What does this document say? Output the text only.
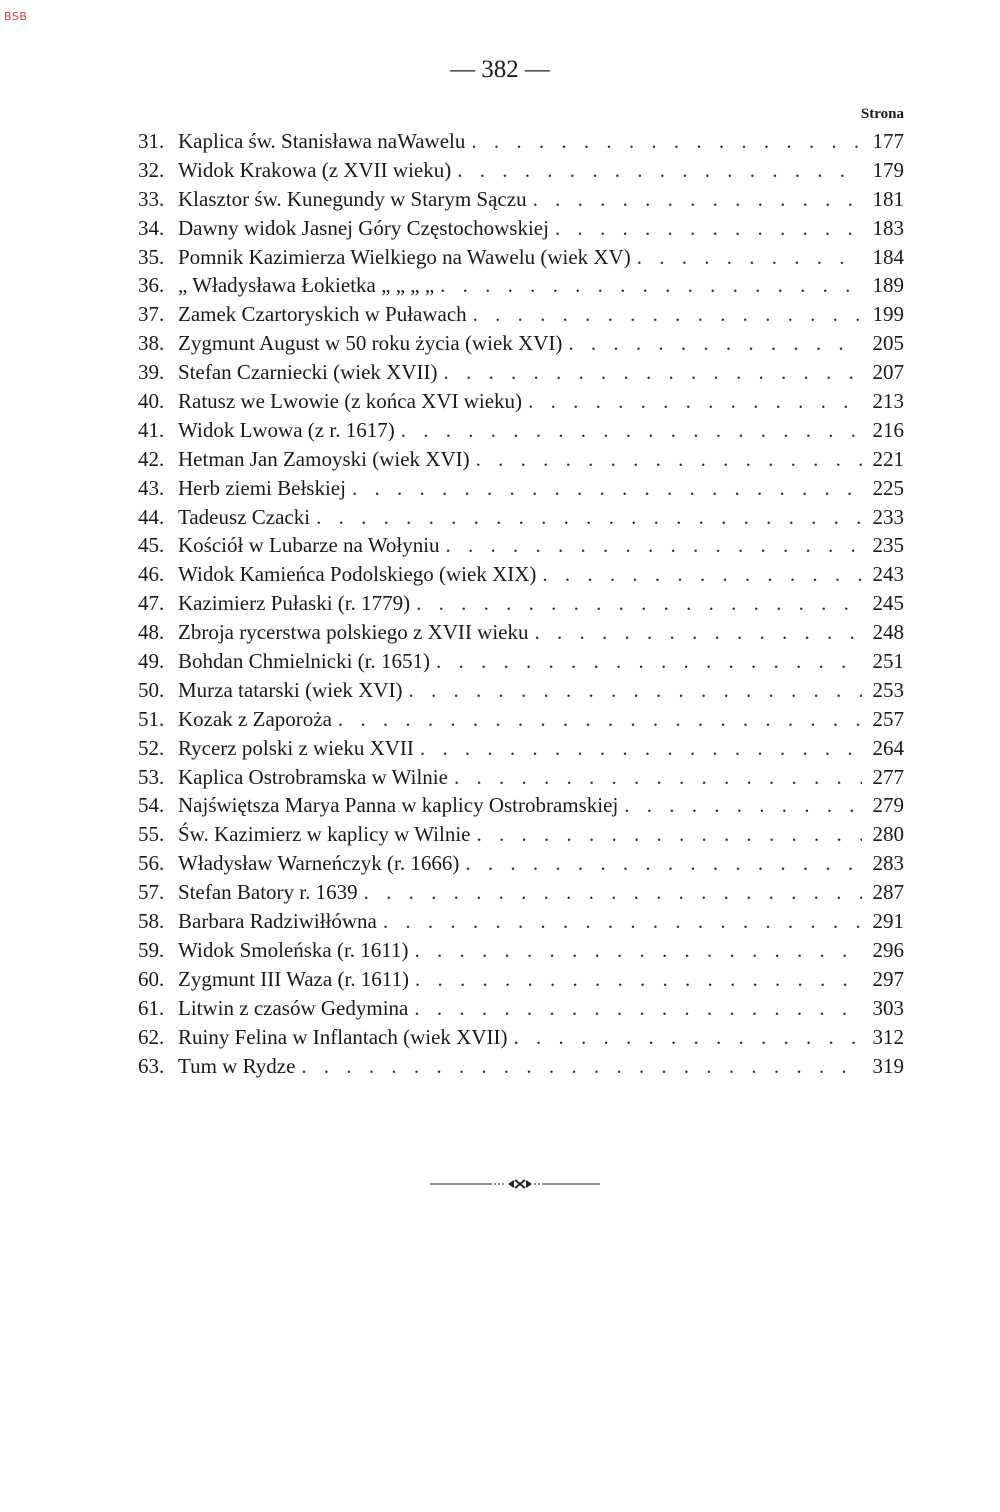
BSB
— 382 —
Strona
31. Kaplica św. Stanisława naWawelu . . .	177
32. Widok Krakowa (z XVII wieku) . . .	179
33. Klasztor św. Kunegundy w Starym Sączu . . .	181
34. Dawny widok Jasnej Góry Częstochowskiej . . .	183
35. Pomnik Kazimierza Wielkiego na Wawelu (wiek XV) . . .	184
36. „ Władysława Łokietka „ „ „ „ . . .	189
37. Zamek Czartoryskich w Puławach . . .	199
38. Zygmunt August w 50 roku życia (wiek XVI) . . .	205
39. Stefan Czarniecki (wiek XVII) . . .	207
40. Ratusz we Lwowie (z końca XVI wieku) . . .	213
41. Widok Lwowa (z r. 1617) . . .	216
42. Hetman Jan Zamoyski (wiek XVI) . . .	221
43. Herb ziemi Bełskiej . . .	225
44. Tadeusz Czacki . . .	233
45. Kościół w Lubarze na Wołyniu . . .	235
46. Widok Kamieńca Podolskiego (wiek XIX) . . .	243
47. Kazimierz Pułaski (r. 1779) . . .	245
48. Zbroja rycerstwa polskiego z XVII wieku . . .	248
49. Bohdan Chmielnicki (r. 1651) . . .	251
50. Murza tatarski (wiek XVI) . . .	253
51. Kozak z Zaporoża . . .	257
52. Rycerz polski z wieku XVII . . .	264
53. Kaplica Ostrobramska w Wilnie . . .	277
54. Najświętsza Marya Panna w kaplicy Ostrobramskiej . . .	279
55. Św. Kazimierz w kaplicy w Wilnie . . .	280
56. Władysław Warneńczyk (r. 1666) . . .	283
57. Stefan Batory r. 1639 . . .	287
58. Barbara Radziwiłłówna . . .	291
59. Widok Smoleńska (r. 1611) . . .	296
60. Zygmunt III Waza (r. 1611) . . .	297
61. Litwin z czasów Gedymina . . .	303
62. Ruiny Felina w Inflantach (wiek XVII) . . .	312
63. Tum w Rydze . . .	319
